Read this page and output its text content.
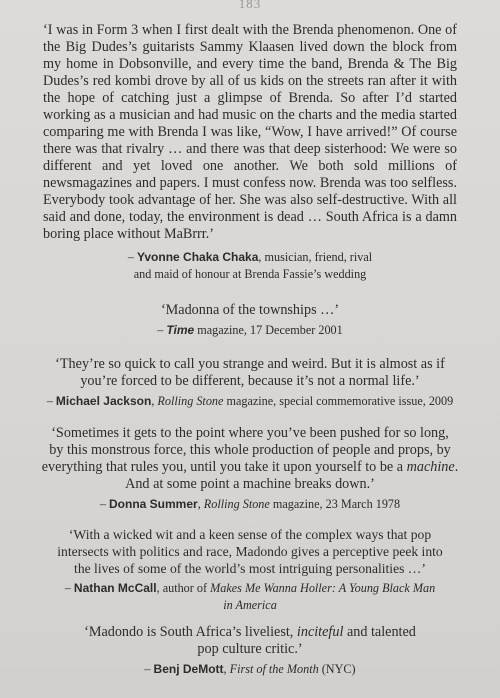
183

‘I was in Form 3 when I first dealt with the Brenda phenomenon. One of the Big Dudes’s guitarists Sammy Klaasen lived down the block from my home in Dobsonville, and every time the band, Brenda & The Big Dudes’s red kombi drove by all of us kids on the streets ran after it with the hope of catching just a glimpse of Brenda. So after I’d started working as a musician and had music on the charts and the media started comparing me with Brenda I was like, “Wow, I have arrived!” Of course there was that rivalry … and there was that deep sisterhood: We were so different and yet loved one another. We both sold millions of newsmagazines and papers. I must confess now. Brenda was too selfless. Everybody took advantage of her. She was also self-destructive. With all said and done, today, the environment is dead … South Africa is a damn boring place without MaBrrr.’

– Yvonne Chaka Chaka, musician, friend, rival
and maid of honour at Brenda Fassie’s wedding

‘Madonna of the townships …’

– Time magazine, 17 December 2001

‘They’re so quick to call you strange and weird. But it is almost as if
you’re forced to be different, because it’s not a normal life.’

– Michael Jackson, Rolling Stone magazine, special commemorative issue, 2009

‘Sometimes it gets to the point where you’ve been pushed for so long,
by this monstrous force, this whole production of people and props, by
everything that rules you, until you take it upon yourself to be a machine.
And at some point a machine breaks down.’

– Donna Summer, Rolling Stone magazine, 23 March 1978

‘With a wicked wit and a keen sense of the complex ways that pop
intersects with politics and race, Madondo gives a perceptive peek into
the lives of some of the world’s most intriguing personalities …’

– Nathan McCall, author of Makes Me Wanna Holler: A Young Black Man
in America

‘Madondo is South Africa’s liveliest, inciteful and talented
pop culture critic.’

– Benj DeMott, First of the Month (NYC)
